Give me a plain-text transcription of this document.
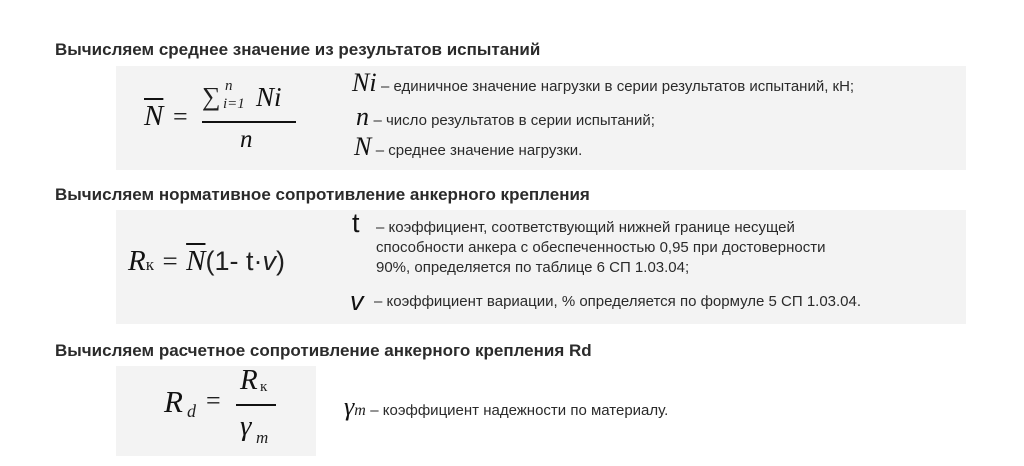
Вычисляем среднее значение из результатов испытаний
$\overline{N}$ =
∑ n
i=1 Ni
n
Ni – единичное значение нагрузки в серии результатов испытаний, кН;
n – число результатов в серии испытаний;
N – среднее значение нагрузки.
Вычисляем нормативное сопротивление анкерного крепления
Rк = $\overline{N}(1-$ t·v)
t – коэффициент, соответствующий нижней границе несущей
способности анкера с обеспеченностью 0,95 при достоверности
90%, определяется по таблице 6 СП 1.03.04;
v – коэффициент вариации, % определяется по формуле 5 СП 1.03.04.
Вычисляем расчетное сопротивление анкерного крепления Rd
R d =
R к
γ m
γm – коэффициент надежности по материалу.
